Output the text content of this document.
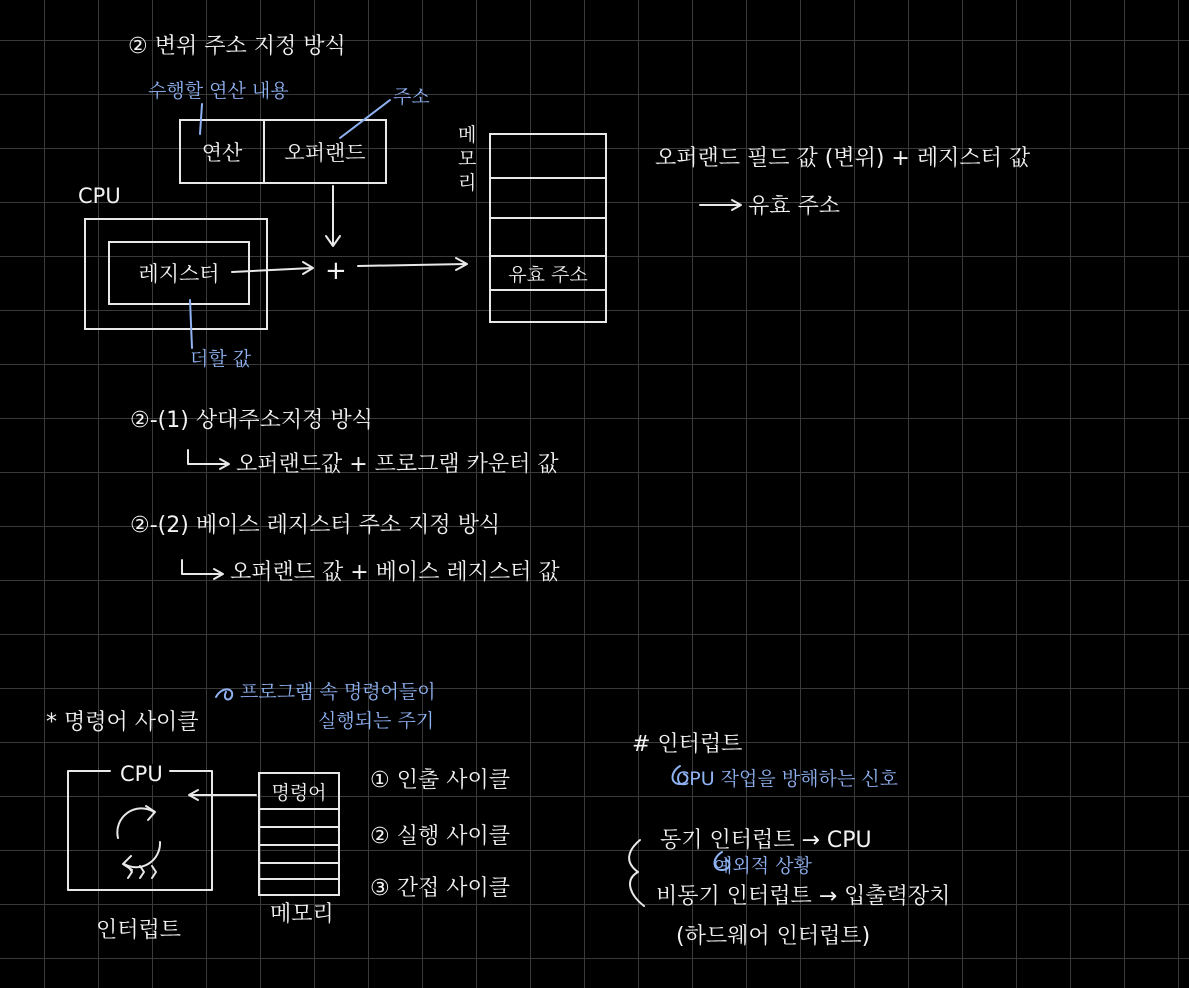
② 변위 주소 지정 방식
수행할 연산 내용	주소
연산	오퍼랜드
CPU
레지스터	+
더할 값
메
모
리
유효 주소
오퍼랜드 필드 값 (변위) + 레지스터 값
유효 주소
②-(1) 상대주소지정 방식
오퍼랜드값 + 프로그램 카운터 값
②-(2) 베이스 레지스터 주소 지정 방식
오퍼랜드 값 + 베이스 레지스터 값
* 명령어 사이클
프로그램 속 명령어들이
실행되는 주기
CPU
인터럽트
명령어
메모리
① 인출 사이클
② 실행 사이클
③ 간접 사이클
# 인터럽트
CPU 작업을 방해하는 신호
동기 인터럽트 → CPU
예외적 상황
비동기 인터럽트 → 입출력장치
(하드웨어 인터럽트)
